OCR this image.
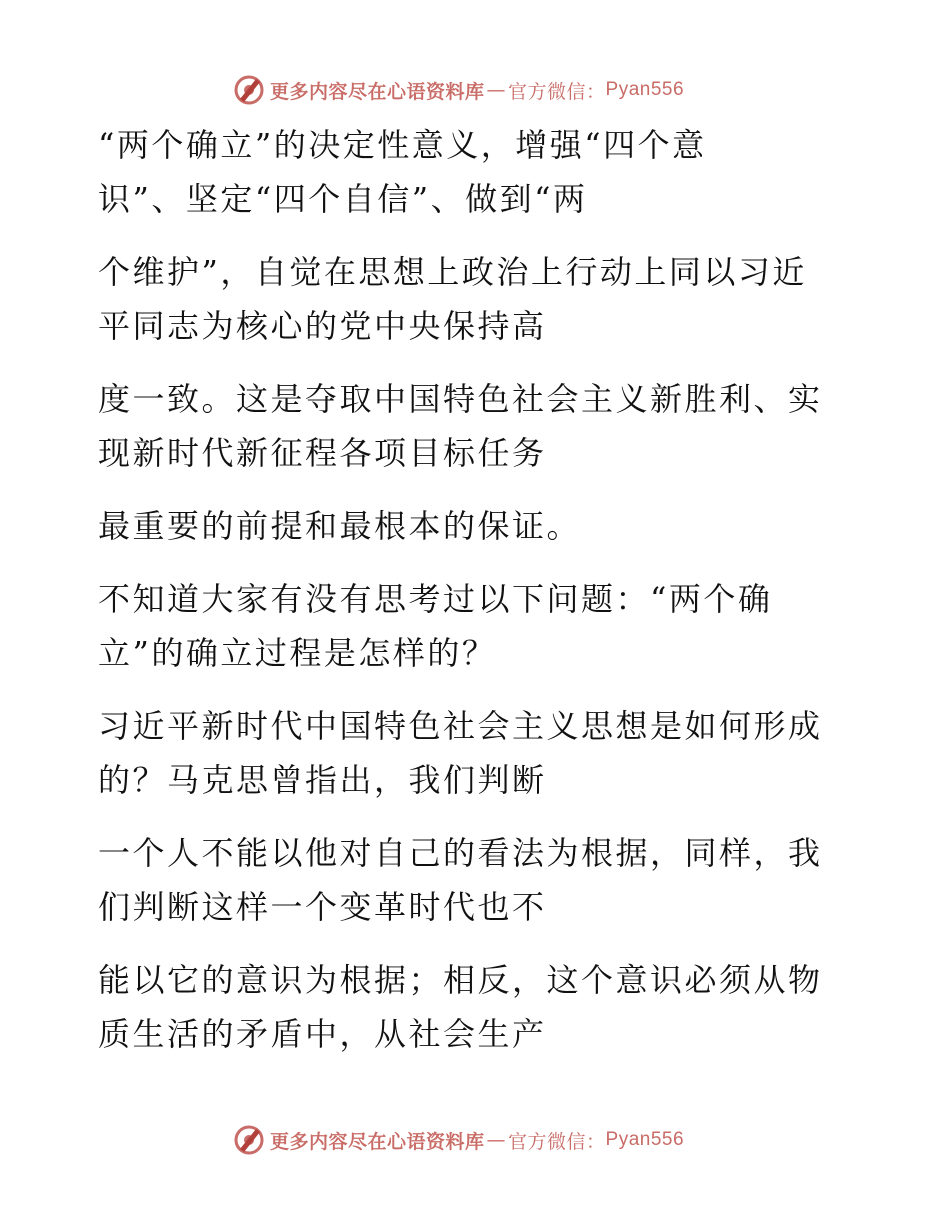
更多内容尽在心语资料库 — 官方微信： Pyan556

“两个确立”的决定性意义，增强“四个意
识”、坚定“四个自信”、做到“两

个维护”，自觉在思想上政治上行动上同以习近
平同志为核心的党中央保持高

度一致。这是夺取中国特色社会主义新胜利、实
现新时代新征程各项目标任务

最重要的前提和最根本的保证。

不知道大家有没有思考过以下问题：“两个确
立”的确立过程是怎样的？

习近平新时代中国特色社会主义思想是如何形成
的？马克思曾指出，我们判断

一个人不能以他对自己的看法为根据，同样，我
们判断这样一个变革时代也不

能以它的意识为根据；相反，这个意识必须从物
质生活的矛盾中，从社会生产

更多内容尽在心语资料库 — 官方微信： Pyan556
